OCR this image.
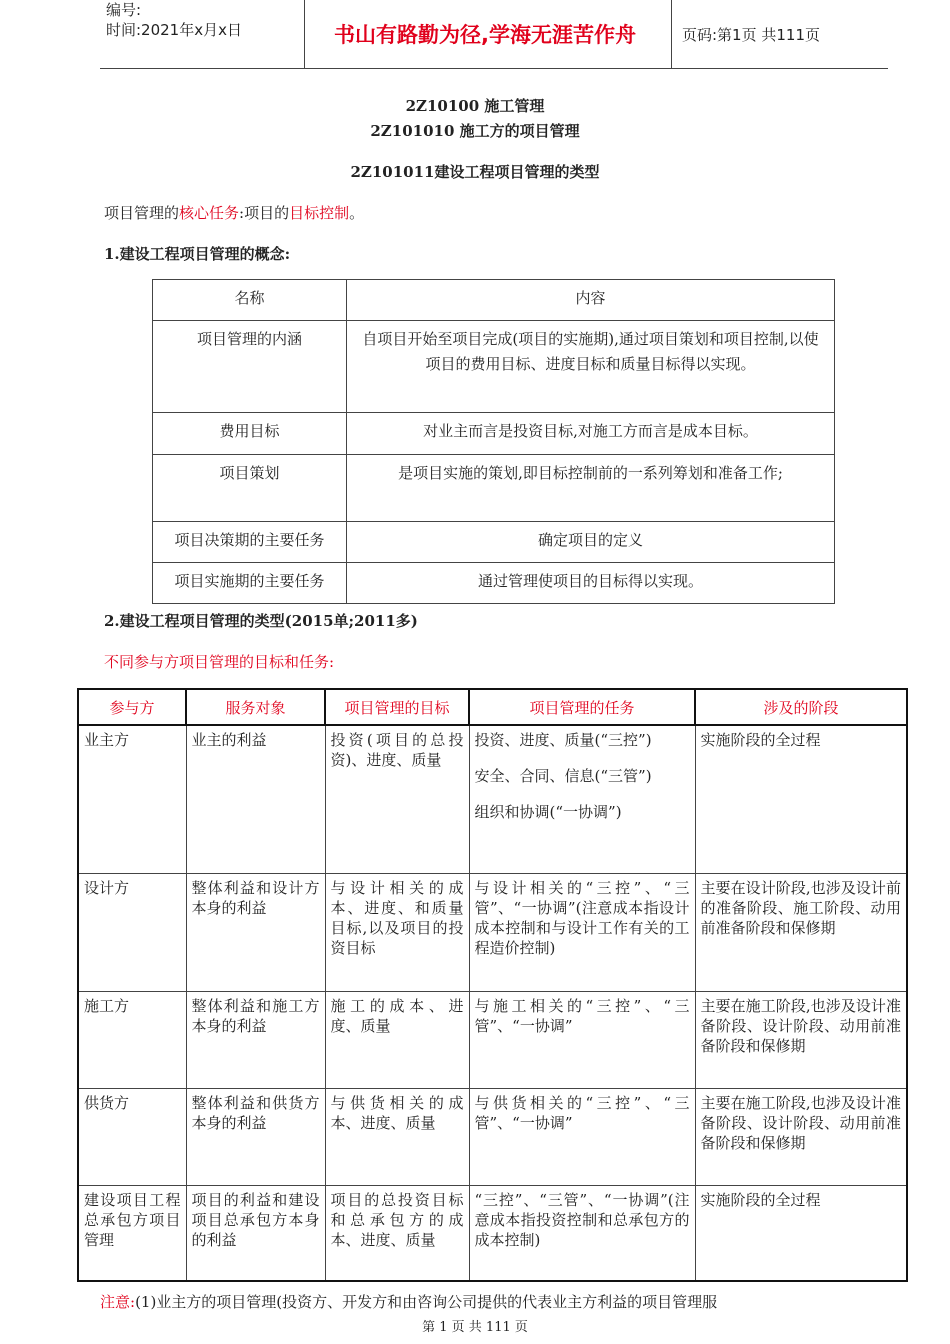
编号:
时间:2021年x月x日	书山有路勤为径,学海无涯苦作舟	页码:第1页 共111页
2Z10100 施工管理
2Z101010 施工方的项目管理
2Z101011建设工程项目管理的类型
项目管理的核心任务:项目的目标控制。
1.建设工程项目管理的概念:
名称	内容
项目管理的内涵	自项目开始至项目完成(项目的实施期),通过项目策划和项目控制,以使项目的费用目标、进度目标和质量目标得以实现。
费用目标	对业主而言是投资目标,对施工方而言是成本目标。
项目策划	是项目实施的策划,即目标控制前的一系列筹划和准备工作;
项目决策期的主要任务	确定项目的定义
项目实施期的主要任务	通过管理使项目的目标得以实现。
2.建设工程项目管理的类型(2015单;2011多)
不同参与方项目管理的目标和任务:
参与方	服务对象	项目管理的目标	项目管理的任务	涉及的阶段
业主方	业主的利益	投资(项目的总投资)、进度、质量	投资、进度、质量(“三控”)

安全、合同、信息(“三管”)

组织和协调(“一协调”)	实施阶段的全过程
设计方	整体利益和设计方本身的利益	与设计相关的成本、进度、和质量目标,以及项目的投资目标	与设计相关的“三控”、“三管”、“一协调”(注意成本指设计成本控制和与设计工作有关的工程造价控制)	主要在设计阶段,也涉及设计前的准备阶段、施工阶段、动用前准备阶段和保修期
施工方	整体利益和施工方本身的利益	施工的成本、进度、质量	与施工相关的“三控”、“三管”、“一协调”	主要在施工阶段,也涉及设计准备阶段、设计阶段、动用前准备阶段和保修期
供货方	整体利益和供货方本身的利益	与供货相关的成本、进度、质量	与供货相关的“三控”、“三管”、“一协调”	主要在施工阶段,也涉及设计准备阶段、设计阶段、动用前准备阶段和保修期
建设项目工程总承包方项目管理	项目的利益和建设项目总承包方本身的利益	项目的总投资目标和总承包方的成本、进度、质量	“三控”、“三管”、“一协调”(注意成本指投资控制和总承包方的成本控制)	实施阶段的全过程
注意:(1)业主方的项目管理(投资方、开发方和由咨询公司提供的代表业主方利益的项目管理服
第 1 页 共 111 页
